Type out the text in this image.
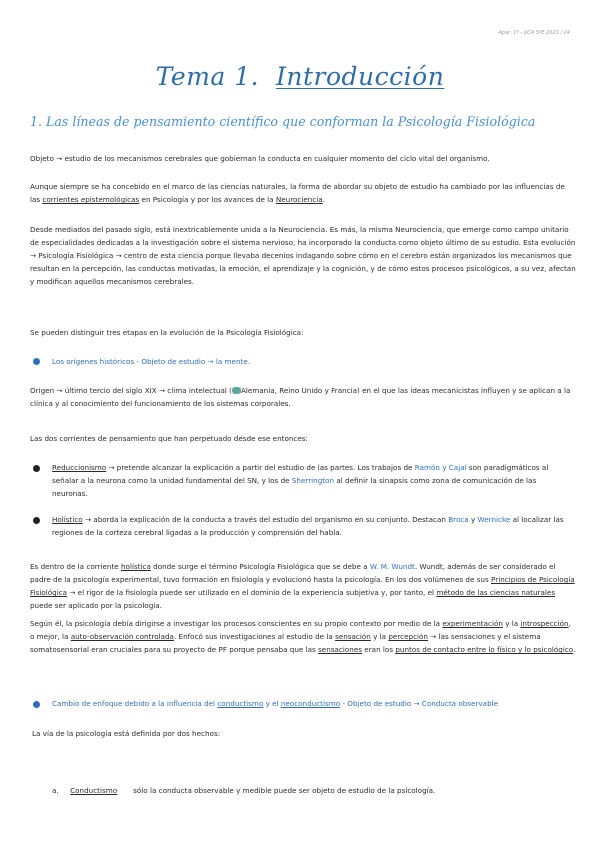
Apar. 1º - UCA 5ºE 2023 / 24
Tema 1. Introducción
1. Las líneas de pensamiento científico que conforman la Psicología Fisiológica
Objeto → estudio de los mecanismos cerebrales que gobiernan la conducta en cualquier momento del ciclo vital del organismo.
Aunque siempre se ha concebido en el marco de las ciencias naturales, la forma de abordar su objeto de estudio ha cambiado por las influencias de las corrientes epistemológicas en Psicología y por los avances de la Neurociencia.
Desde mediados del pasado siglo, está inextricablemente unida a la Neurociencia. Es más, la misma Neurociencia, que emerge como campo unitario de especialidades dedicadas a la investigación sobre el sistema nervioso, ha incorporado la conducta como objeto último de su estudio. Esta evolución → Psicología Fisiológica → centro de esta ciencia porque llevaba decenios indagando sobre cómo en el cerebro están organizados los mecanismos que resultan en la percepción, las conductas motivadas, la emoción, el aprendizaje y la cognición, y de cómo estos procesos psicológicos, a su vez, afectan y modifican aquellos mecanismos cerebrales.
Se pueden distinguir tres etapas en la evolución de la Psicología Fisiológica:
Los orígenes históricos - Objeto de estudio → la mente.
Origen → último tercio del siglo XIX → clima intelectual ( Alemania, Reino Unido y Francia) en el que las ideas mecanicistas influyen y se aplican a la clínica y al conocimiento del funcionamiento de los sistemas corporales.
Las dos corrientes de pensamiento que han perpetuado desde ese entonces:
Reduccionismo → pretende alcanzar la explicación a partir del estudio de las partes. Los trabajos de Ramón y Cajal son paradigmáticos al señalar a la neurona como la unidad fundamental del SN, y los de Sherrington al definir la sinapsis como zona de comunicación de las neuronas.
Holístico → aborda la explicación de la conducta a través del estudio del organismo en su conjunto. Destacan Broca y Wernicke al localizar las regiones de la corteza cerebral ligadas a la producción y comprensión del habla.
Es dentro de la corriente holística donde surge el término Psicología Fisiológica que se debe a W. M. Wundt. Wundt, además de ser considerado el padre de la psicología experimental, tuvo formación en fisiología y evolucionó hasta la psicología. En los dos volúmenes de sus Principios de Psicología Fisiológica → el rigor de la fisiología puede ser utilizado en el dominio de la experiencia subjetiva y, por tanto, el método de las ciencias naturales puede ser aplicado por la psicología.
Según él, la psicología debía dirigirse a investigar los procesos conscientes en su propio contexto por medio de la experimentación y la introspección, o mejor, la auto-observación controlada. Enfocó sus investigaciones al estudio de la sensación y la percepción → las sensaciones y el sistema somatosensorial eran cruciales para su proyecto de PF porque pensaba que las sensaciones eran los puntos de contacto entre lo físico y lo psicológico.
Cambio de enfoque debido a la influencia del conductismo y el neoconductismo - Objeto de estudio → Conducta observable
La vía de la psicología está definida por dos hechos:
a. Conductismo sólo la conducta observable y medible puede ser objeto de estudio de la psicología.
